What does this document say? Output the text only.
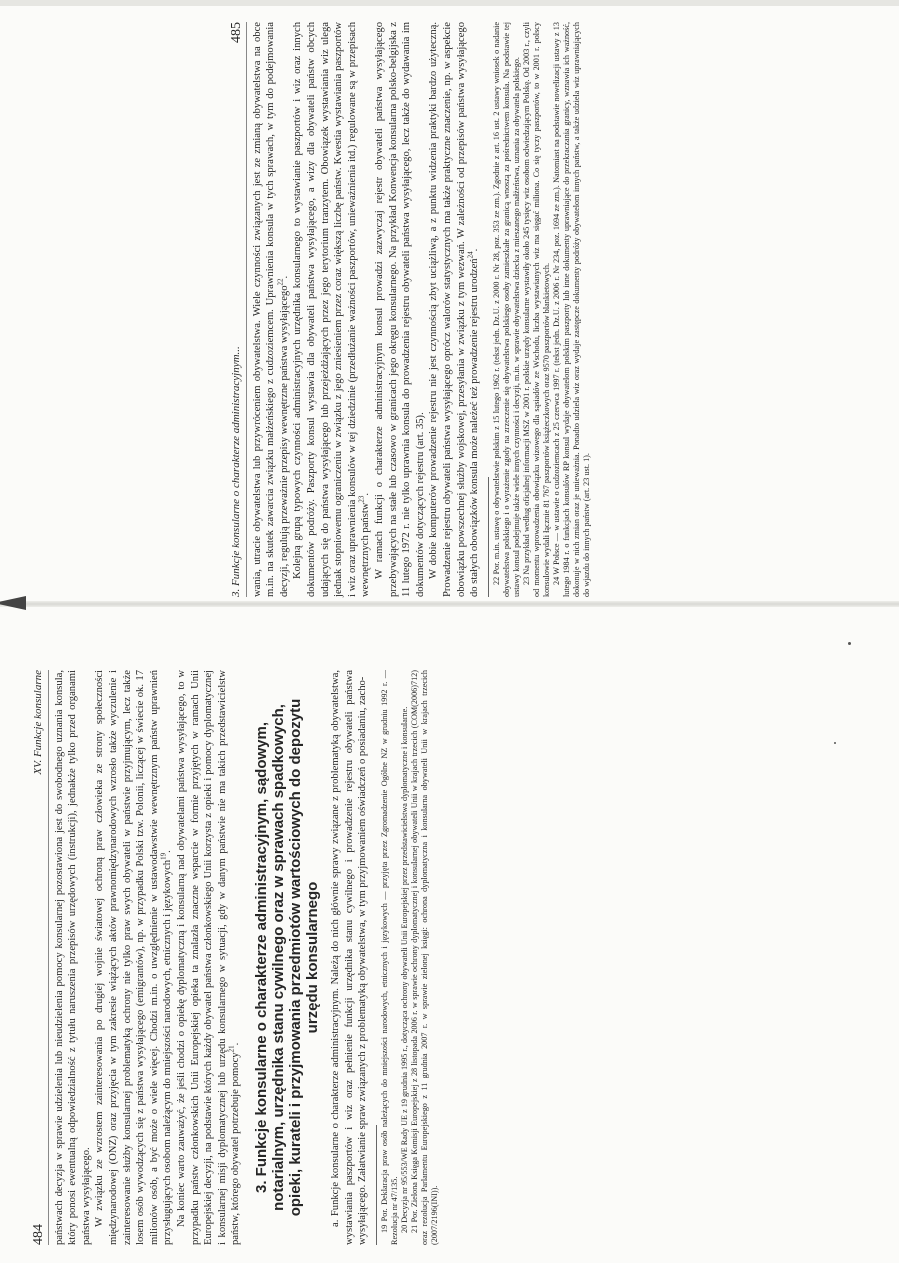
484
XV. Funkcje konsularne państwach decyzja w sprawie udzielenia lub nieudzielenia pomocy konsularnej pozostawiona jest do swobodnego uznania konsula, który ponosi ewentualną odpowiedzialność z tytułu naruszenia przepisów urzędowych (instrukcji), jednakże tylko przed organami państwa wysyłającego. W związku ze wzrostem zainteresowania po drugiej wojnie światowej ochroną praw człowieka ze strony społeczności międzynarodowej (ONZ) oraz przyjęcia w tym zakresie wiążących aktów prawnomiędzynarodowych wzrosło także wyczulenie i zainteresowanie służby konsularnej problematyką ochrony nie tylko praw swych obywateli w państwie przyjmującym, lecz także losem osób wywodzących się z państwa wysyłającego (emigrantów), np. w przypadku Polski tzw. Polonii, liczącej w świecie ok. 17 milionów osób, a być może o wiele więcej. Chodzi m.in. o uwzględnienie w ustawodawstwie wewnętrznym państw uprawnień przysługujących osobom należącym do mniejszości narodowych, etnicznych i językowych$^{19}$. Na koniec warto zauważyć, że jeśli chodzi o opiekę dyplomatyczną i konsularną nad obywatelami państwa wysyłającego, to w przypadku państw członkowskich Unii Europejskiej opieka ta znalazła znaczne wsparcie w formie przyjętych w ramach Unii Europejskiej decyzji, na podstawie których każdy obywatel państwa członkowskiego Unii korzysta z opieki i pomocy dyplomatycznej i konsularnej misji dyplomatycznej lub urzędu konsularnego w sytuacji, gdy w danym państwie nie ma takich przedstawicielstw państw, którego obywatel potrzebuje pomocy$^{21}$. 3. Funkcje konsularne o charakterze administracyjnym, sądowym, notarialnym, urzędnika stanu cywilnego oraz w sprawach spadkowych, opieki, kurateli i przyjmowania przedmiotów wartościowych do depozytu urzędu konsularnego a. Funkcje konsularne o charakterze administracyjnym. Należą do nich głównie sprawy związane z problematyką obywatelstwa, wystawiania paszportów i wiz oraz pełnienie funkcji urzędnika stanu cywilnego i prowadzenie rejestru obywateli państwa wysyłającego. Załatwianie spraw związanych z problematyką obywatelstwa, w tym przyjmowaniem oświadczeń o posiadaniu, zacho- 19 Por. Deklaracja praw osób należących do mniejszości narodowych, etnicznych i językowych — przyjęta przez Zgromadzenie Ogólne NZ w grudniu 1992 r. — Rezolucja nr 47/135. 20 Decyzja nr 95/553/WE Rady UE z 19 grudnia 1995 r., dotycząca ochrony obywateli Unii Europejskiej przez przedstawicielstwa dyplomatyczne i konsularne. 21 Por. Zielona Księga Komisji Europejskiej z 28 listopada 2006 r. w sprawie ochrony dyplomatycznej i konsularnej obywateli Unii w krajach trzecich (COM(2006)712) oraz rezolucja Parlamentu Europejskiego z 11 grudnia 2007 r. w sprawie zielonej księgi: ochrona dyplomatyczna i konsularna obywateli Unii w krajach trzecich (2007/2196(INI)).
3. Funkcje konsularne o charakterze administracyjnym...
485 wania, utracie obywatelstwa lub przywróceniem obywatelstwa. Wiele czynności związanych jest ze zmianą obywatelstwa na obce m.in. na skutek zawarcia związku małżeńskiego z cudzoziemcem. Uprawnienia konsula w tych sprawach, w tym do podejmowania decyzji, regulują przeważnie przepisy wewnętrzne państwa wysyłającego$^{22}$. Kolejną grupą typowych czynności administracyjnych urzędnika konsularnego to wystawianie paszportów i wiz oraz innych dokumentów podróży. Paszporty konsul wystawia dla obywateli państwa wysyłającego, a wizy dla obywateli państw obcych udających się do państwa wysyłającego lub przejeżdżających przez jego terytorium tranzytem. Obowiązek wystawiania wiz ulega jednak stopniowemu ograniczeniu w związku z jego zniesieniem przez coraz większą liczbę państw. Kwestia wystawiania paszportów i wiz oraz uprawnienia konsulów w tej dziedzinie (przedłużanie ważności paszportów, unieważnienia itd.) regulowane są w przepisach wewnętrznych państw$^{23}$. W ramach funkcji o charakterze administracyjnym konsul prowadzi zazwyczaj rejestr obywateli państwa wysyłającego przebywających na stałe lub czasowo w granicach jego okręgu konsularnego. Na przykład Konwencja konsularna polsko-belgijska z 11 lutego 1972 r. nie tylko uprawnia konsula do prowadzenia rejestru obywateli państwa wysyłającego, lecz także do wydawania im dokumentów dotyczących rejestru (art. 35). W dobie komputerów prowadzenie rejestru nie jest czynnością zbyt uciążliwą, a z punktu widzenia praktyki bardzo użyteczną. Prowadzenie rejestru obywateli państwa wysyłającego oprócz walorów statystycznych ma także praktyczne znaczenie, np. w aspekcie obowiązku powszechnej służby wojskowej, przesyłania w związku z tym wezwań. W zależności od przepisów państwa wysyłającego do stałych obowiązków konsula może należeć też prowadzenie rejestru urodzeń$^{24}$. 22 Por. m.in. ustawę o obywatelstwie polskim z 15 lutego 1962 r. (tekst jedn. Dz.U. z 2000 r. Nr 28, poz. 353 ze zm.). Zgodnie z art. 16 ust. 2 ustawy wniosek o nadanie obywatelstwa polskiego i o wyrażenie zgody na zrzeczenie się obywatelstwa polskiego osoby zamieszkałe za granicą wnoszą za pośrednictwem konsula. Na podstawie tej ustawy konsul podejmuje także wiele innych czynności i decyzji, m.in. w sprawie obywatelstwa dziecka z mieszanego małżeństwa, uznania za obywatela polskiego. 23 Na przykład według oficjalnej informacji MSZ w 2001 r. polskie urzędy konsularne wystawiły około 245 tysięcy wiz osobom odwiedzającym Polskę. Od 2003 r., czyli od momentu wprowadzenia obowiązku wizowego dla sąsiadów ze Wschodu, liczba wystawianych wiz ma sięgać miliona. Co się tyczy paszportów, to w 2001 r. polscy konsulowie wydali łącznie 81 767 paszportów książeczkowych oraz 9570 paszportów blankietowych. 24 W Polsce — w ustawie o cudzoziemcach z 25 czerwca 1997 r. (tekst jedn. Dz.U. z 2006 r. Nr 234, poz. 1694 ze zm.). Natomiast na podstawie nowelizacji ustawy z 13 lutego 1984 r. o funkcjach konsulów RP konsul wydaje obywatelom polskim paszporty lub inne dokumenty uprawniające do przekraczania granicy, wznawia ich ważność, dokonuje w nich zmian oraz je unieważnia. Ponadto udziela wiz oraz wydaje zastępcze dokumenty podróży obywatelom innych państw, a także udziela wiz uprawniających do wjazdu do innych państw (art. 23 ust. 1).
